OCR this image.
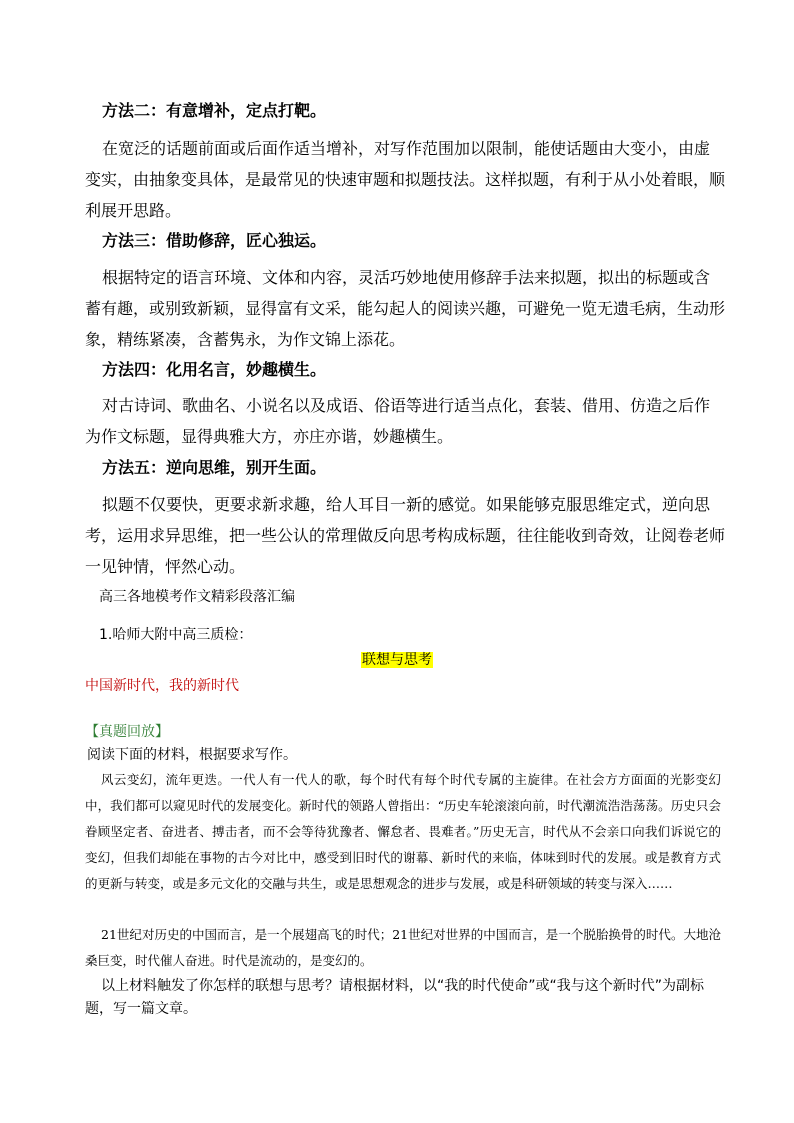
方法二：有意增补，定点打靶。

在宽泛的话题前面或后面作适当增补，对写作范围加以限制，能使话题由大变小，由虚变实，由抽象变具体，是最常见的快速审题和拟题技法。这样拟题，有利于从小处着眼，顺利展开思路。

方法三：借助修辞，匠心独运。

根据特定的语言环境、文体和内容，灵活巧妙地使用修辞手法来拟题，拟出的标题或含蓄有趣，或别致新颖，显得富有文采，能勾起人的阅读兴趣，可避免一览无遗毛病，生动形象，精练紧凑，含蓄隽永，为作文锦上添花。

方法四：化用名言，妙趣横生。

对古诗词、歌曲名、小说名以及成语、俗语等进行适当点化，套装、借用、仿造之后作为作文标题，显得典雅大方，亦庄亦谐，妙趣横生。

方法五：逆向思维，别开生面。

拟题不仅要快，更要求新求趣，给人耳目一新的感觉。如果能够克服思维定式，逆向思考，运用求异思维，把一些公认的常理做反向思考构成标题，往往能收到奇效，让阅卷老师一见钟情，怦然心动。

高三各地模考作文精彩段落汇编

1.哈师大附中高三质检：

联想与思考

中国新时代，我的新时代

【真题回放】

阅读下面的材料，根据要求写作。

风云变幻，流年更迭。一代人有一代人的歌，每个时代有每个时代专属的主旋律。在社会方方面面的光影变幻中，我们都可以窥见时代的发展变化。新时代的领路人曾指出：“历史车轮滚滚向前，时代潮流浩浩荡荡。历史只会眷顾坚定者、奋进者、搏击者，而不会等待犹豫者、懈怠者、畏难者。”历史无言，时代从不会亲口向我们诉说它的变幻，但我们却能在事物的古今对比中，感受到旧时代的谢幕、新时代的来临，体味到时代的发展。或是教育方式的更新与转变，或是多元文化的交融与共生，或是思想观念的进步与发展，或是科研领域的转变与深入……

21世纪对历史的中国而言，是一个展翅高飞的时代；21世纪对世界的中国而言，是一个脱胎换骨的时代。大地沧桑巨变，时代催人奋进。时代是流动的，是变幻的。

以上材料触发了你怎样的联想与思考？请根据材料，以“我的时代使命”或“我与这个新时代”为副标题，写一篇文章。
